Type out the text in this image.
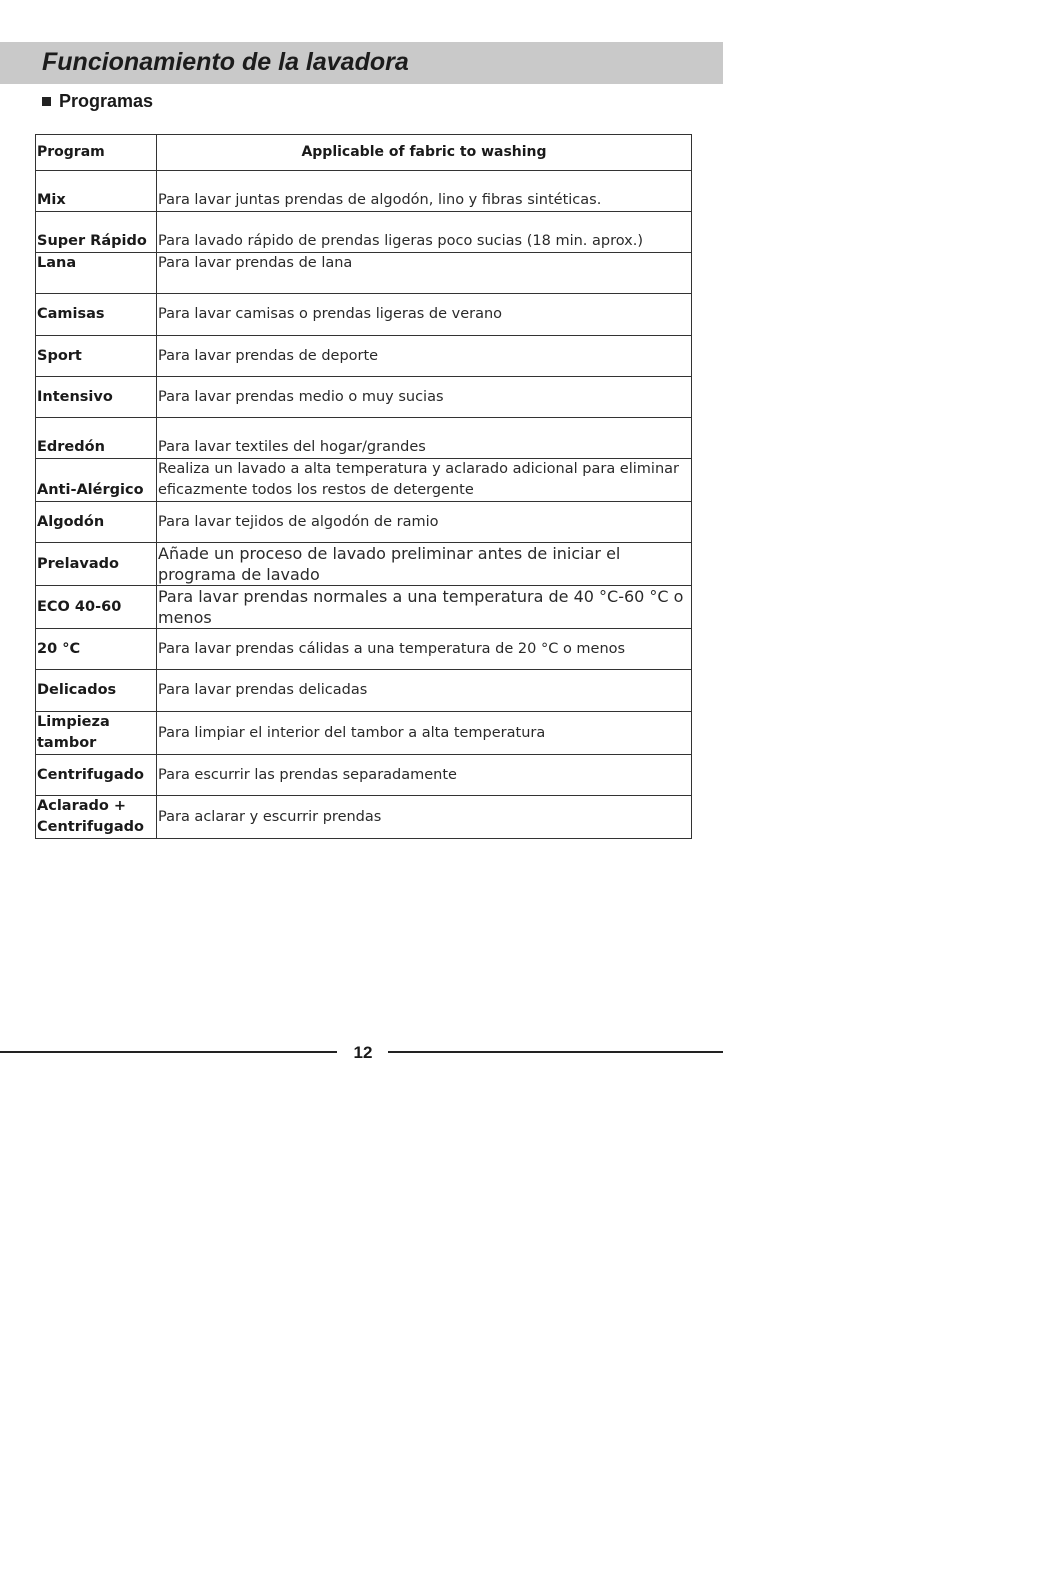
Funcionamiento de la lavadora
Programas
Program	Applicable of fabric to washing
Mix	Para lavar juntas prendas de algodón, lino y fibras sintéticas.
Super Rápido	Para lavado rápido de prendas ligeras poco sucias (18 min. aprox.)
Lana	Para lavar prendas de lana
Camisas	Para lavar camisas o prendas ligeras de verano
Sport	Para lavar prendas de deporte
Intensivo	Para lavar prendas medio o muy sucias
Edredón	Para lavar textiles del hogar/grandes
Anti-Alérgico	Realiza un lavado a alta temperatura y aclarado adicional para eliminar eficazmente todos los restos de detergente
Algodón	Para lavar tejidos de algodón de ramio
Prelavado	Añade un proceso de lavado preliminar antes de iniciar el programa de lavado
ECO 40-60	Para lavar prendas normales a una temperatura de 40 °C-60 °C o menos
20 °C	Para lavar prendas cálidas a una temperatura de 20 °C o menos
Delicados	Para lavar prendas delicadas
Limpieza tambor	Para limpiar el interior del tambor a alta temperatura
Centrifugado	Para escurrir las prendas separadamente
Aclarado + Centrifugado	Para aclarar y escurrir prendas
12
